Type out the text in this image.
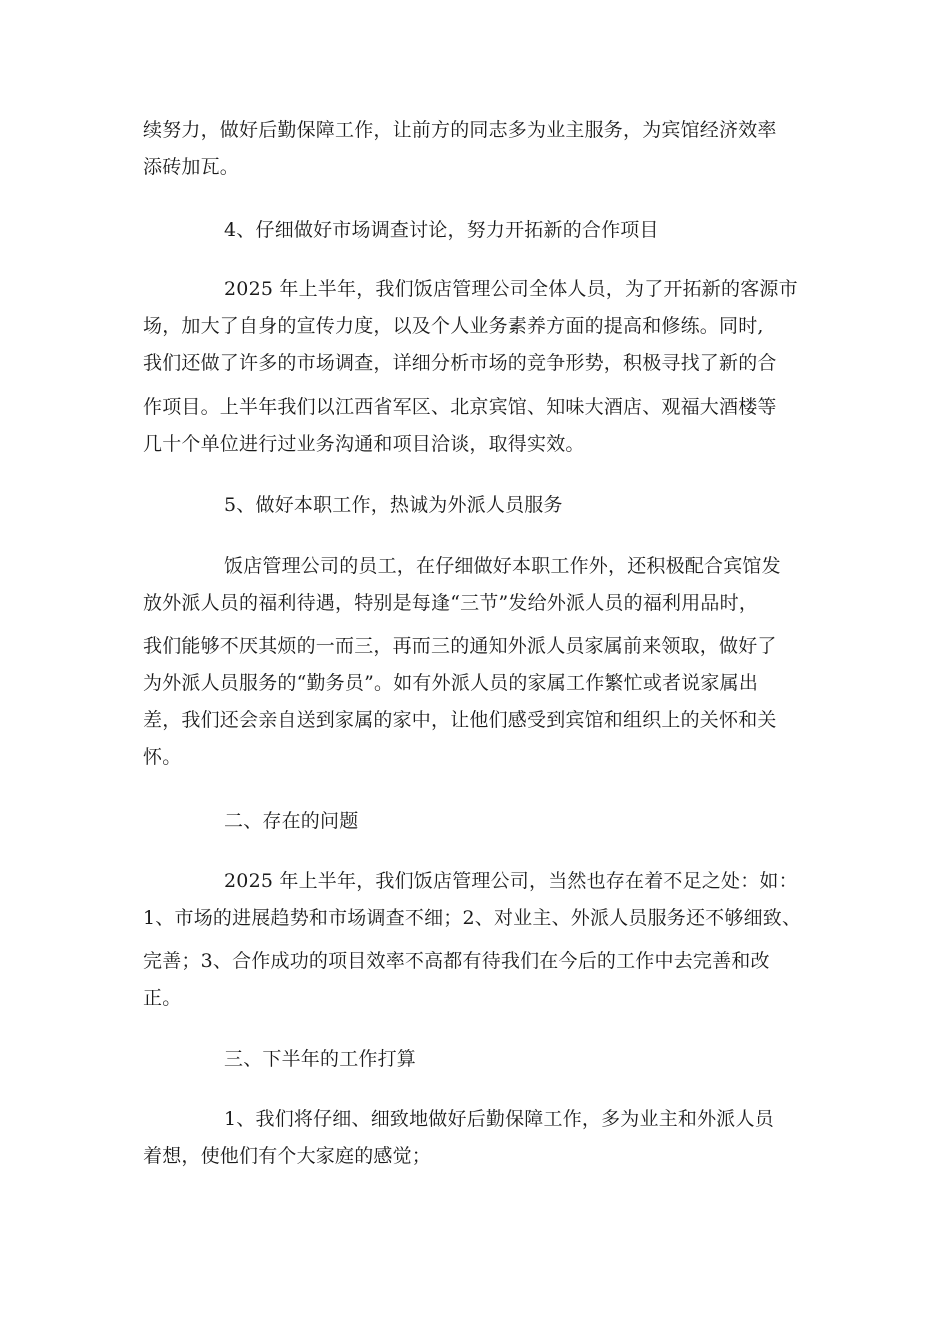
续努力，做好后勤保障工作，让前方的同志多为业主服务，为宾馆经济效率
添砖加瓦。
4、仔细做好市场调查讨论，努力开拓新的合作项目
2025 年上半年，我们饭店管理公司全体人员，为了开拓新的客源市
场，加大了自身的宣传力度，以及个人业务素养方面的提高和修练。同时,
我们还做了许多的市场调查，详细分析市场的竞争形势，积极寻找了新的合
作项目。上半年我们以江西省军区、北京宾馆、知味大酒店、观福大酒楼等
几十个单位进行过业务沟通和项目洽谈，取得实效。
5、做好本职工作，热诚为外派人员服务
饭店管理公司的员工，在仔细做好本职工作外，还积极配合宾馆发
放外派人员的福利待遇，特别是每逢“三节”发给外派人员的福利用品时，
我们能够不厌其烦的一而三，再而三的通知外派人员家属前来领取，做好了
为外派人员服务的“勤务员”。如有外派人员的家属工作繁忙或者说家属出
差，我们还会亲自送到家属的家中，让他们感受到宾馆和组织上的关怀和关
怀。
二、存在的问题
2025 年上半年，我们饭店管理公司，当然也存在着不足之处：如：
1、市场的进展趋势和市场调查不细；2、对业主、外派人员服务还不够细致、
完善；3、合作成功的项目效率不高都有待我们在今后的工作中去完善和改
正。
三、下半年的工作打算
1、我们将仔细、细致地做好后勤保障工作，多为业主和外派人员
着想，使他们有个大家庭的感觉；
